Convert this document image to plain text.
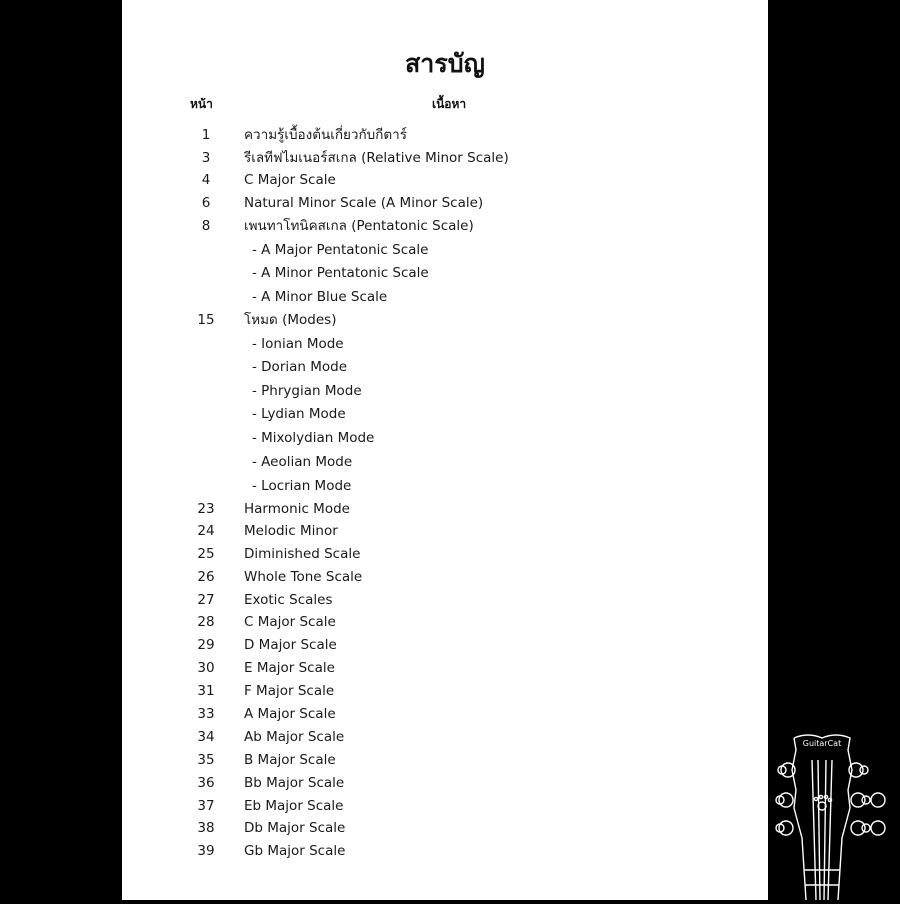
สารบัญ
หน้า	เนื้อหา
1	ความรู้เบื้องต้นเกี่ยวกับกีตาร์
3	รีเลทีฟไมเนอร์สเกล (Relative Minor Scale)
4	C Major Scale
6	Natural Minor Scale (A Minor Scale)
8	เพนทาโทนิคสเกล (Pentatonic Scale)
- A Major Pentatonic Scale
- A Minor Pentatonic Scale
- A Minor Blue Scale
15	โหมด (Modes)
- Ionian Mode
- Dorian Mode
- Phrygian Mode
- Lydian Mode
- Mixolydian Mode
- Aeolian Mode
- Locrian Mode
23	Harmonic Mode
24	Melodic Minor
25	Diminished Scale
26	Whole Tone Scale
27	Exotic Scales
28	C Major Scale
29	D Major Scale
30	E Major Scale
31	F Major Scale
33	A Major Scale
34	Ab Major Scale
35	B Major Scale
36	Bb Major Scale
37	Eb Major Scale
38	Db Major Scale
39	Gb Major Scale
GuitarCat
